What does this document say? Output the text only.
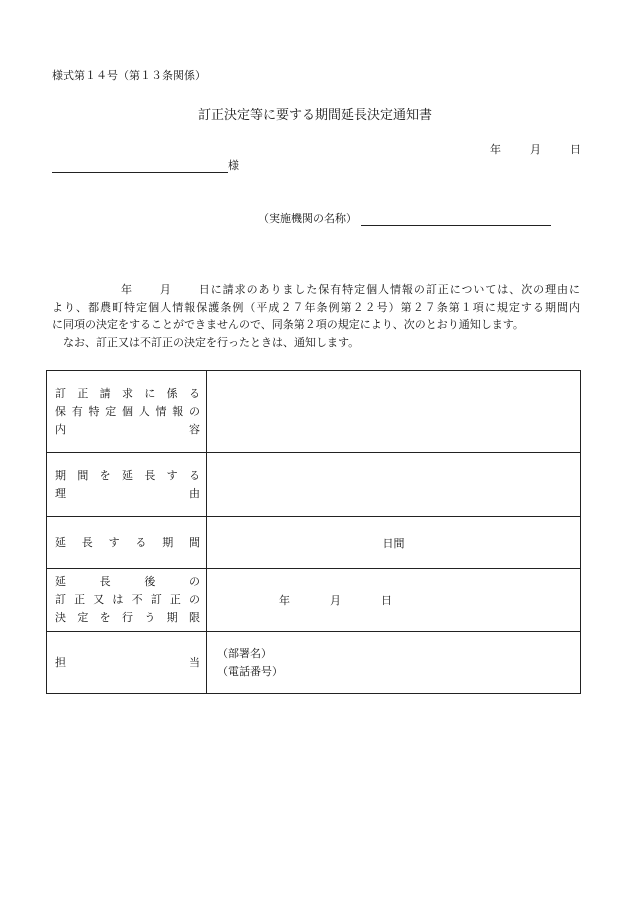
様式第１４号（第１３条関係）
訂正決定等に要する期間延長決定通知書
年	月	日
様
（実施機関の名称）

年 月 日に請求のありました保有特定個人情報の訂正については、次の理由に

より、都農町特定個人情報保護条例（平成２７年条例第２２号）第２７条第１項に規定する期間内

に同項の決定をすることができませんので、同条第２項の規定により、次のとおり通知します。

なお、訂正又は不訂正の決定を行ったときは、通知します。

訂正請求に係る
保有特定個人情報の
内容	

期間を延長する
理由	

延長する期間	日間

延長後の
訂正又は不訂正の
決定を行う期限	年 月 日

担当	（部署名）
（電話番号）
